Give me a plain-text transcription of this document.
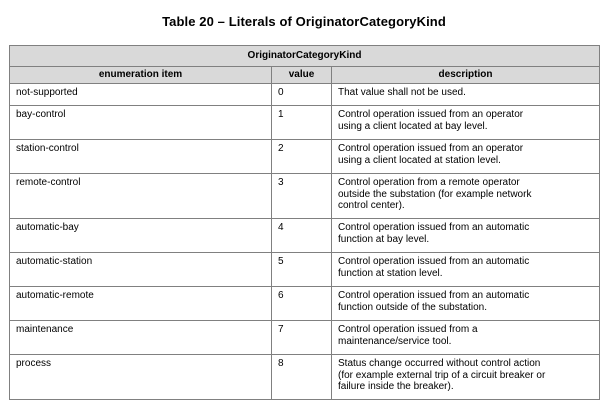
Table 20 – Literals of OriginatorCategoryKind
OriginatorCategoryKind		
enumeration item	value	description
not-supported	0	That value shall not be used.

bay-control	1	Control operation issued from an operator
using a client located at bay level.

station-control	2	Control operation issued from an operator
using a client located at station level.

remote-control	3	Control operation from a remote operator
outside the substation (for example network
control center).

automatic-bay	4	Control operation issued from an automatic
function at bay level.

automatic-station	5	Control operation issued from an automatic
function at station level.

automatic-remote	6	Control operation issued from an automatic
function outside of the substation.

maintenance	7	Control operation issued from a
maintenance/service tool.

process	8	Status change occurred without control action
(for example external trip of a circuit breaker or
failure inside the breaker).
